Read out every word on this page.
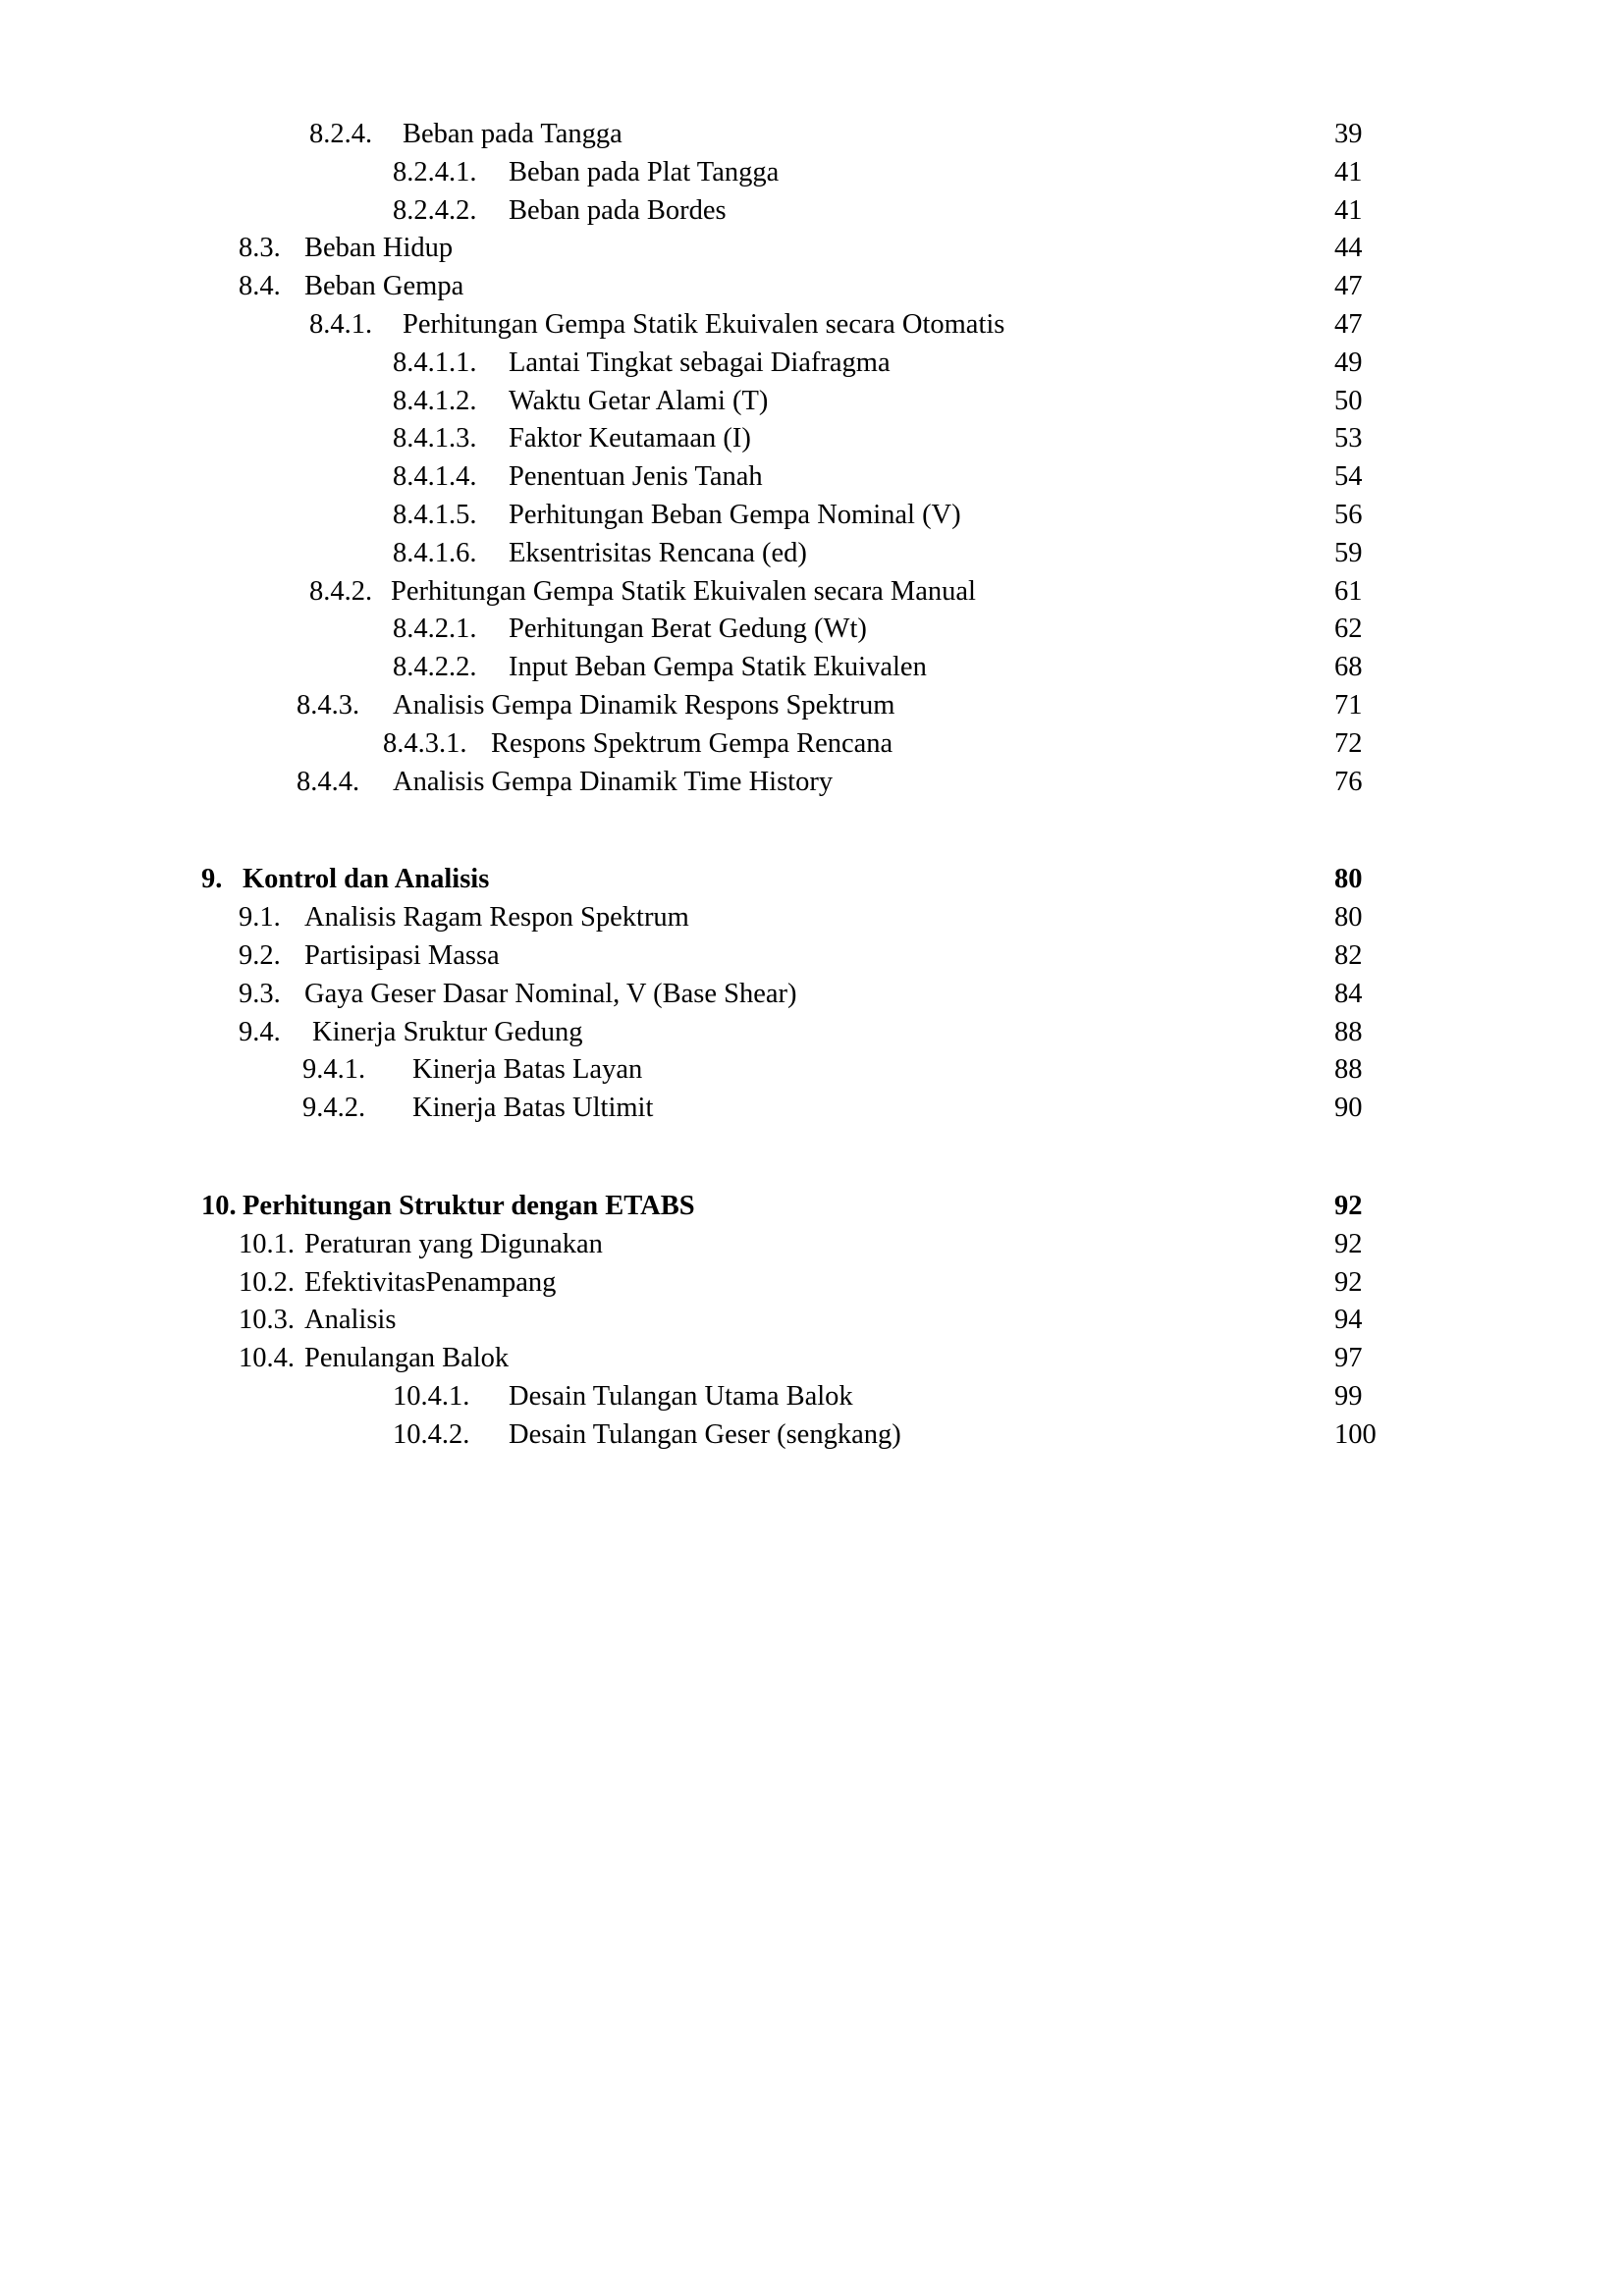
8.2.4. Beban pada Tangga	39
8.2.4.1. Beban pada Plat Tangga	41
8.2.4.2. Beban pada Bordes	41
8.3. Beban Hidup	44
8.4. Beban Gempa	47
8.4.1. Perhitungan Gempa Statik Ekuivalen secara Otomatis	47
8.4.1.1. Lantai Tingkat sebagai Diafragma	49
8.4.1.2. Waktu Getar Alami (T)	50
8.4.1.3. Faktor Keutamaan (I)	53
8.4.1.4. Penentuan Jenis Tanah	54
8.4.1.5. Perhitungan Beban Gempa Nominal (V)	56
8.4.1.6. Eksentrisitas Rencana (ed)	59
8.4.2. Perhitungan Gempa Statik Ekuivalen secara Manual	61
8.4.2.1. Perhitungan Berat Gedung (Wt)	62
8.4.2.2. Input Beban Gempa Statik Ekuivalen	68
8.4.3. Analisis Gempa Dinamik Respons Spektrum	71
8.4.3.1. Respons Spektrum Gempa Rencana	72
8.4.4. Analisis Gempa Dinamik Time History	76
9. Kontrol dan Analisis	80
9.1. Analisis Ragam Respon Spektrum	80
9.2. Partisipasi Massa	82
9.3. Gaya Geser Dasar Nominal, V (Base Shear)	84
9.4. Kinerja Sruktur Gedung	88
9.4.1. Kinerja Batas Layan	88
9.4.2. Kinerja Batas Ultimit	90
10. Perhitungan Struktur dengan ETABS	92
10.1. Peraturan yang Digunakan	92
10.2. EfektivitasPenampang	92
10.3. Analisis	94
10.4. Penulangan Balok	97
10.4.1. Desain Tulangan Utama Balok	99
10.4.2. Desain Tulangan Geser (sengkang)	100
